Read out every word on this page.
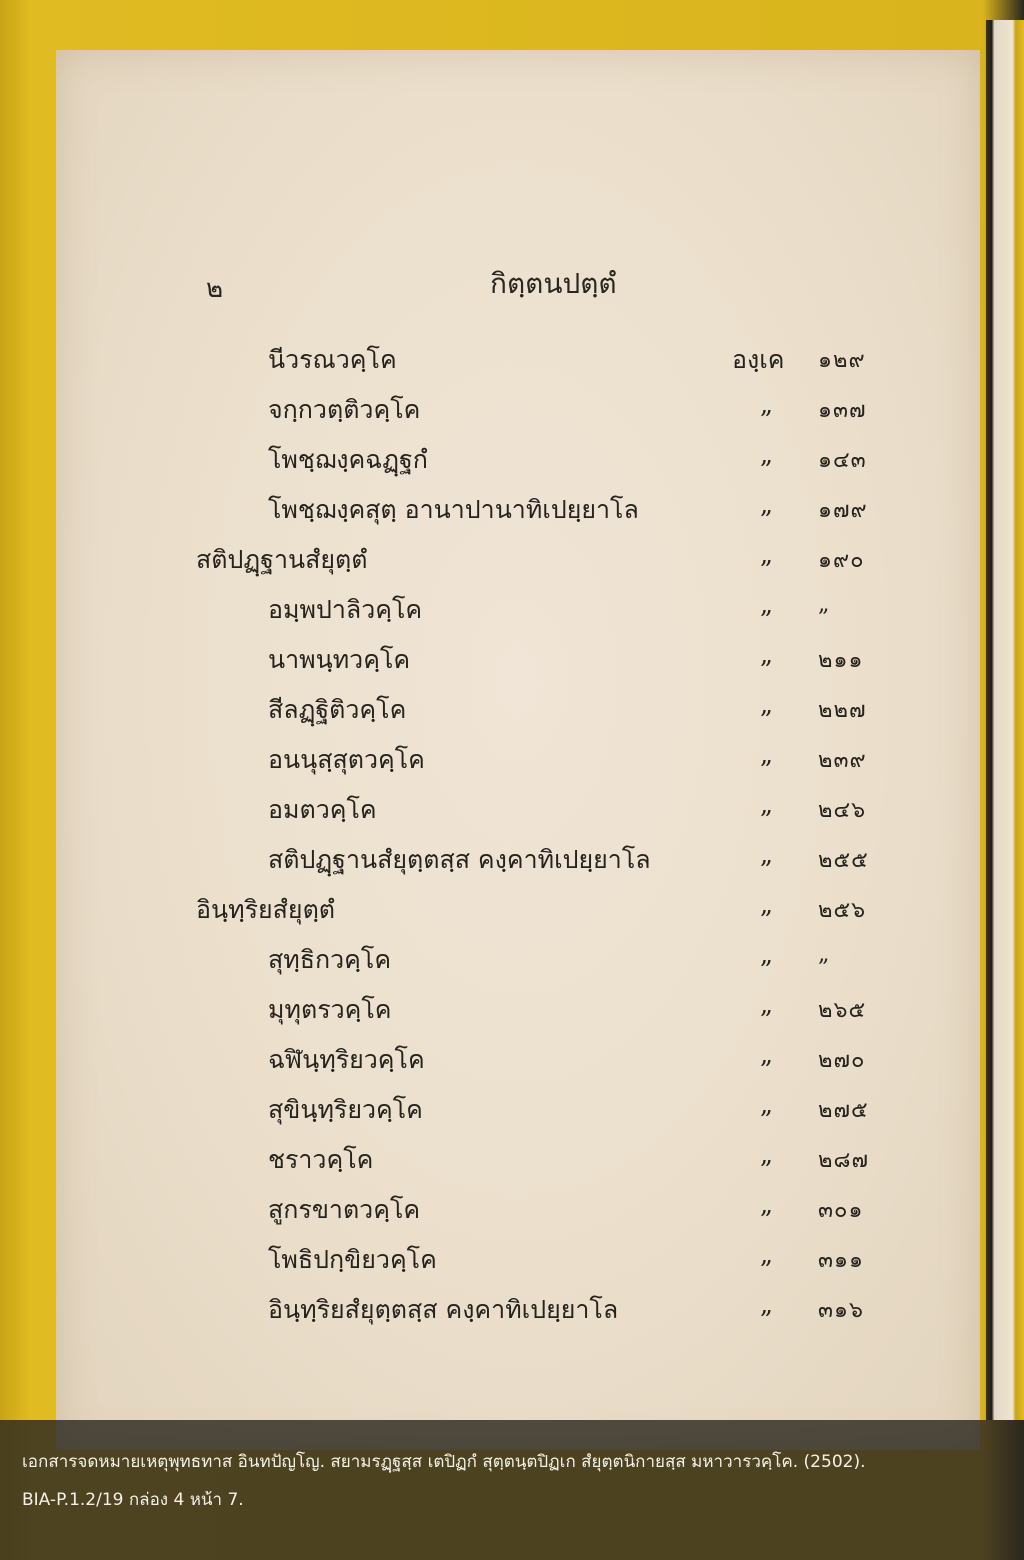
๒	กิตฺตนปตฺตํ
นีวรณวคฺโค	องฺเค ๑๒๙
จกฺกวตฺติวคฺโค	„ ๑๓๗
โพชฺฌงฺคฉฏฺฐกํ	„ ๑๔๓
โพชฺฌงฺคสุตฺ อานาปานาทิเปยฺยาโล	„ ๑๗๙
สติปฏฺฐานสํยุตฺตํ	„ ๑๙๐
อมฺพปาลิวคฺโค	„ „
นาพนฺทวคฺโค	„ ๒๑๑
สีลฏฺฐิติวคฺโค	„ ๒๒๗
อนนุสฺสุตวคฺโค	„ ๒๓๙
อมตวคฺโค	„ ๒๔๖
สติปฏฺฐานสํยุตฺตสฺส คงฺคาทิเปยฺยาโล	„ ๒๕๕
อินฺทฺริยสํยุตฺตํ	„ ๒๕๖
สุทฺธิกวคฺโค	„ „
มุทุตรวคฺโค	„ ๒๖๕
ฉฬินฺทฺริยวคฺโค	„ ๒๗๐
สุขินฺทฺริยวคฺโค	„ ๒๗๕
ชราวคฺโค	„ ๒๘๗
สูกรขาตวคฺโค	„ ๓๐๑
โพธิปกฺขิยวคฺโค	„ ๓๑๑
อินฺทฺริยสํยุตฺตสฺส คงฺคาทิเปยฺยาโล	„ ๓๑๖
เอกสารจดหมายเหตุพุทธทาส อินทปัญโญ. สยามรฏฺฐสฺส เตปิฏกํ สุตฺตนฺตปิฏเก สํยุตฺตนิกายสฺส มหาวารวคฺโค. (2502).
BIA-P.1.2/19 กล่อง 4 หน้า 7.
